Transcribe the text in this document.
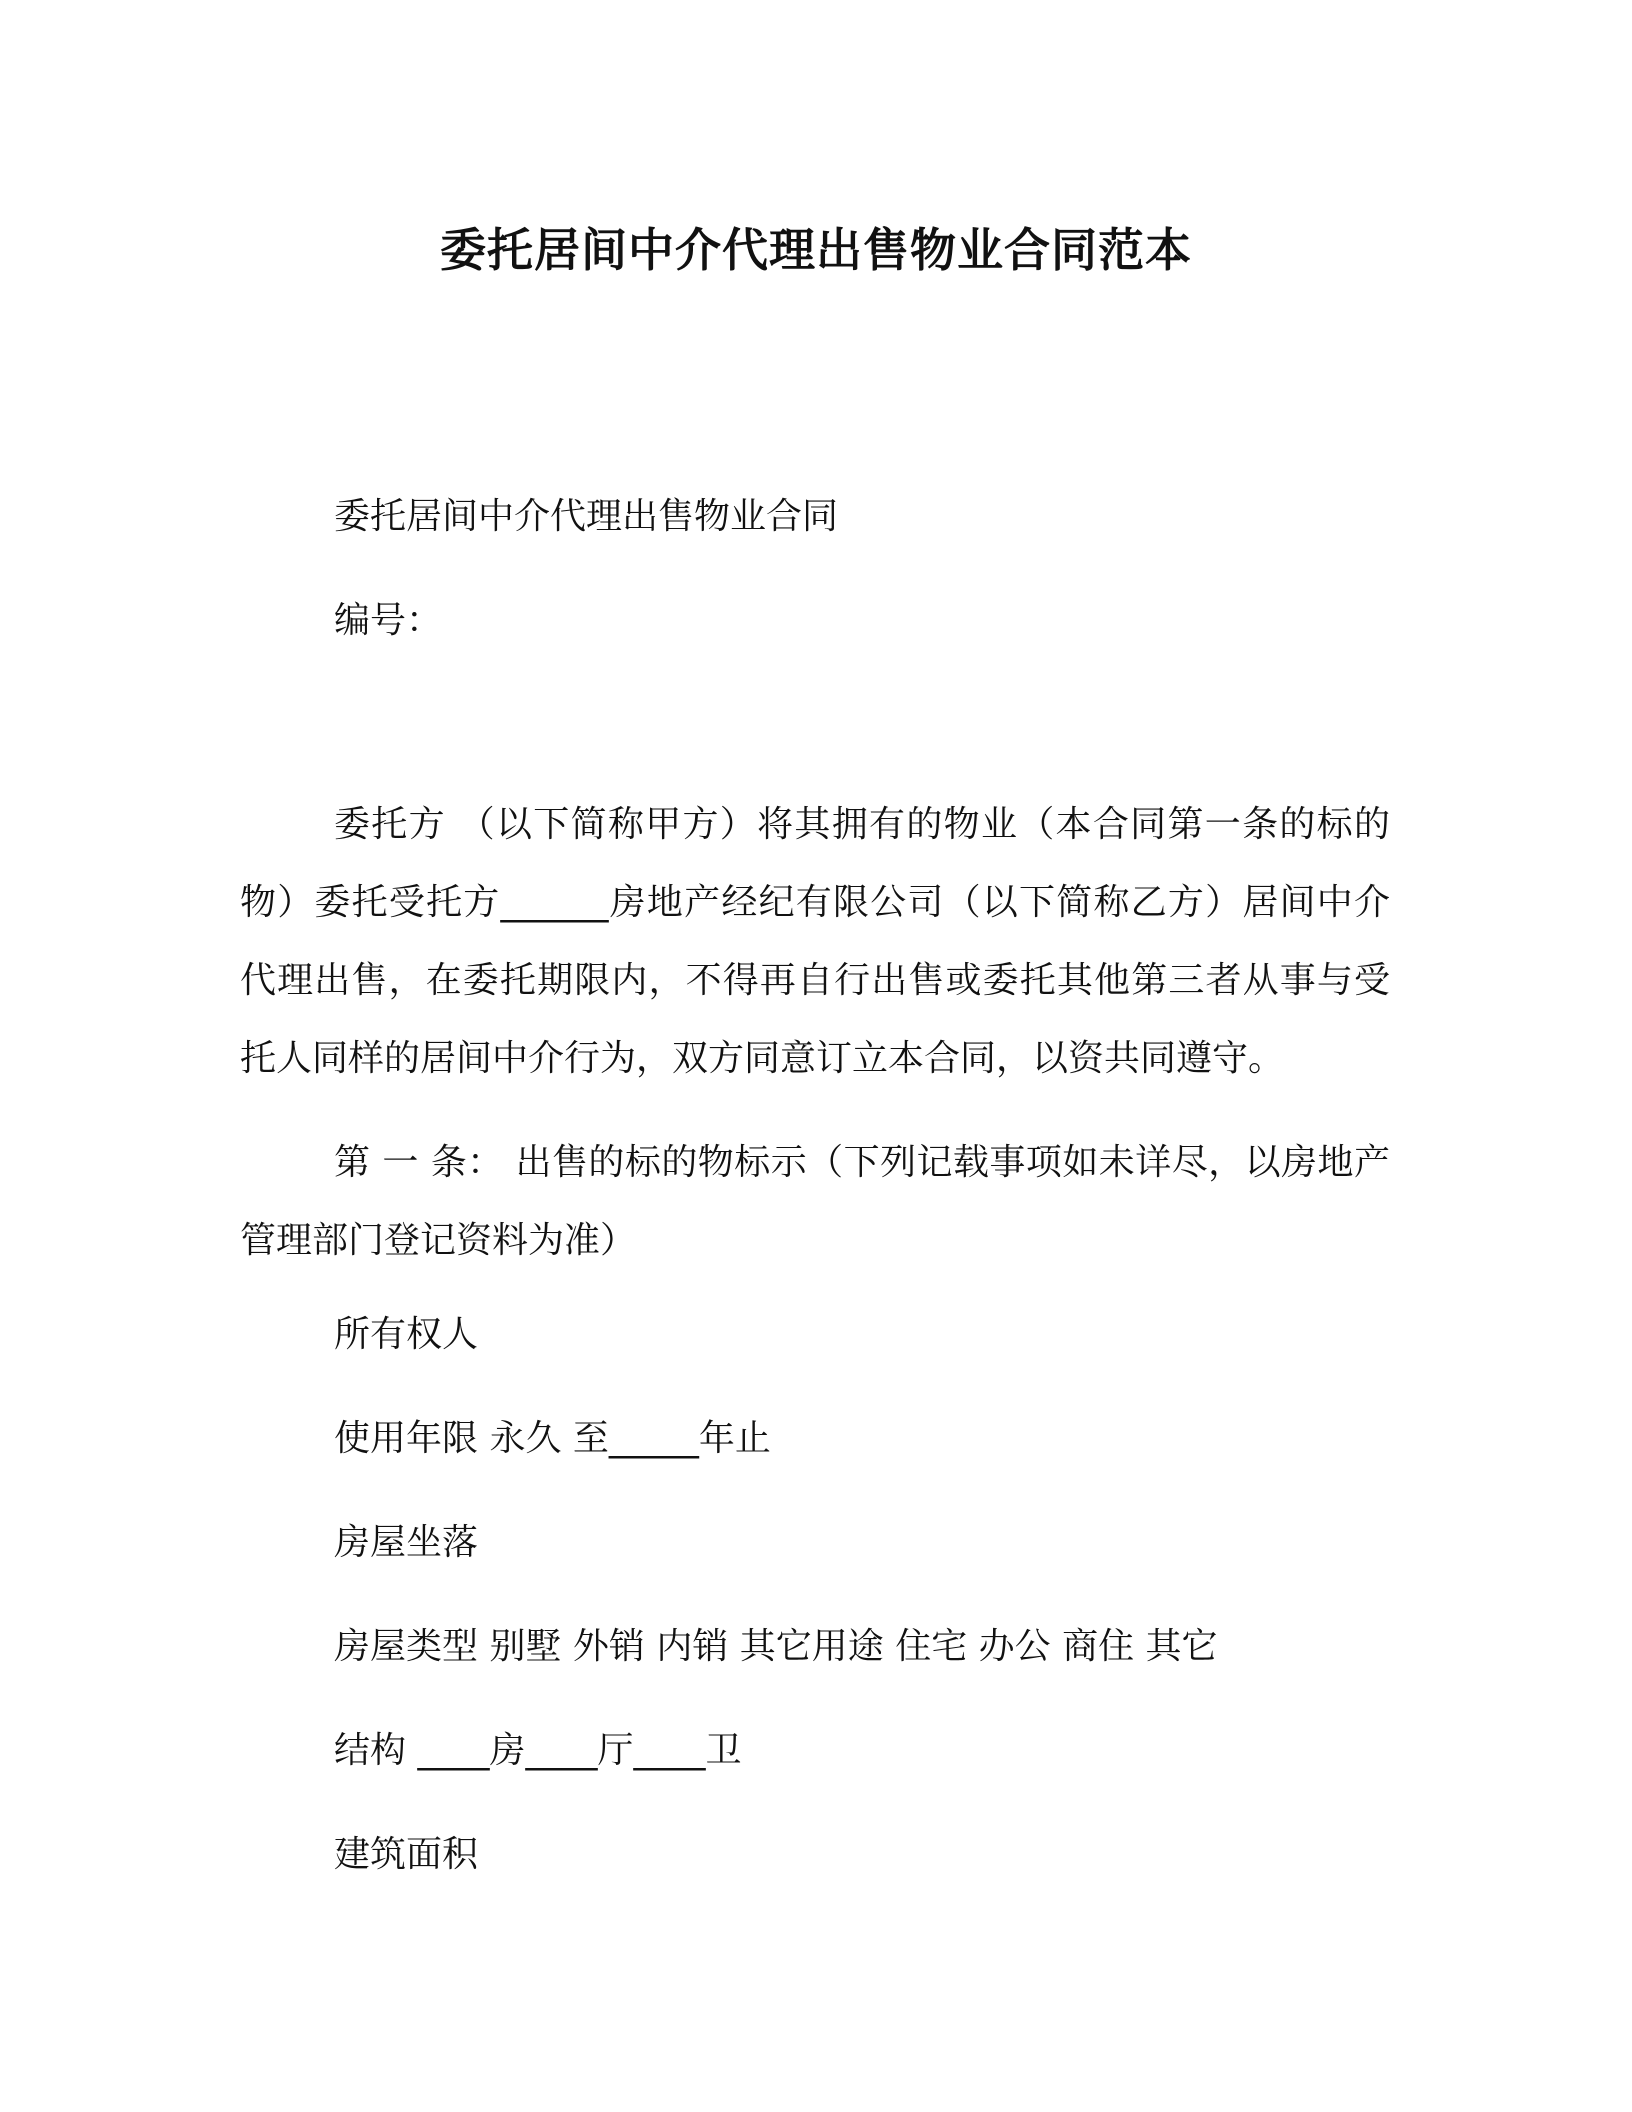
委托居间中介代理出售物业合同范本
委托居间中介代理出售物业合同
编号：
委托方 （以下简称甲方）将其拥有的物业（本合同第一条的标的物）委托受托方______房地产经纪有限公司（以下简称乙方）居间中介代理出售，在委托期限内，不得再自行出售或委托其他第三者从事与受托人同样的居间中介行为，双方同意订立本合同，以资共同遵守。
第 一 条： 出售的标的物标示（下列记载事项如未详尽，以房地产管理部门登记资料为准）
所有权人
使用年限 永久 至_____年止
房屋坐落
房屋类型 别墅 外销 内销 其它用途 住宅 办公 商住 其它
结构 ____房____厅____卫
建筑面积
